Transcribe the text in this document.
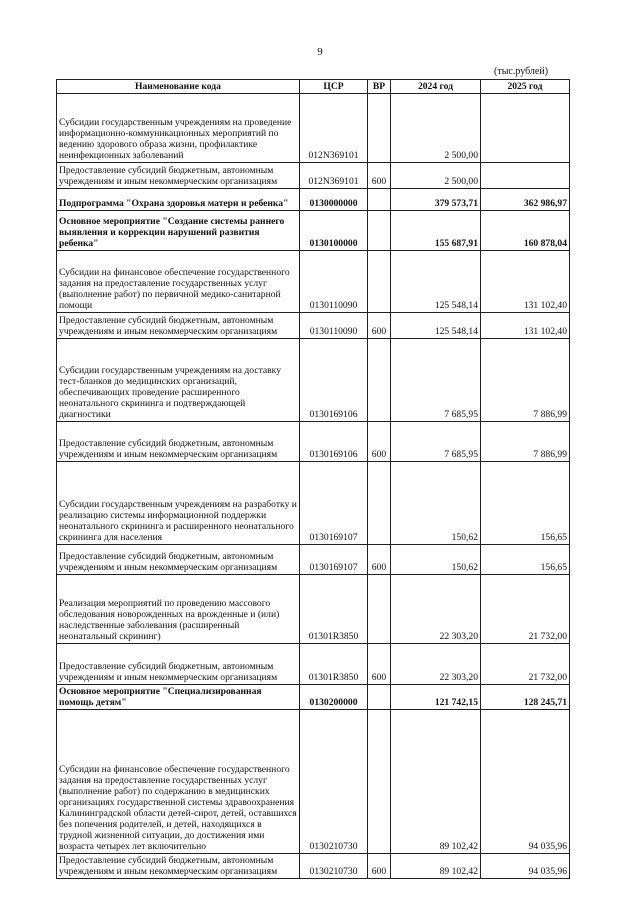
9
(тыс.рублей)
Наименование кода	ЦСР	ВР	2024 год	2025 год
Субсидии государственным учреждениям на проведение информационно-коммуникационных мероприятий по ведению здорового образа жизни, профилактике неинфекционных заболеваний	012N369101		2 500,00	
Предоставление субсидий бюджетным, автономным учреждениям и иным некоммерческим организациям	012N369101	600	2 500,00	
Подпрограмма "Охрана здоровья матери и ребенка"	0130000000		379 573,71	362 986,97
Основное мероприятие "Создание системы раннего выявления и коррекции нарушений развития ребенка"	0130100000		155 687,91	160 878,04
Субсидии на финансовое обеспечение государственного задания на предоставление государственных услуг (выполнение работ) по первичной медико-санитарной помощи	0130110090		125 548,14	131 102,40
Предоставление субсидий бюджетным, автономным учреждениям и иным некоммерческим организациям	0130110090	600	125 548,14	131 102,40
Субсидии государственным учреждениям на доставку тест-бланков до медицинских организаций, обеспечивающих проведение расширенного неонатального скрининга и подтверждающей диагностики	0130169106		7 685,95	7 886,99
Предоставление субсидий бюджетным, автономным учреждениям и иным некоммерческим организациям	0130169106	600	7 685,95	7 886,99
Субсидии государственным учреждениям на разработку и реализацию системы информационной поддержки неонатального скрининга и расширенного неонатального скрининга для населения	0130169107		150,62	156,65
Предоставление субсидий бюджетным, автономным учреждениям и иным некоммерческим организациям	0130169107	600	150,62	156,65
Реализация мероприятий по проведению массового обследования новорожденных на врожденные и (или) наследственные заболевания (расширенный неонатальный скрининг)	01301R3850		22 303,20	21 732,00
Предоставление субсидий бюджетным, автономным учреждениям и иным некоммерческим организациям	01301R3850	600	22 303,20	21 732,00
Основное мероприятие "Специализированная помощь детям"	0130200000		121 742,15	128 245,71
Субсидии на финансовое обеспечение государственного задания на предоставление государственных услуг (выполнение работ) по содержанию в медицинских организациях государственной системы здравоохранения Калининградской области детей-сирот, детей, оставшихся без попечения родителей, и детей, находящихся в трудной жизненной ситуации, до достижения ими возраста четырех лет включительно	0130210730		89 102,42	94 035,96
Предоставление субсидий бюджетным, автономным учреждениям и иным некоммерческим организациям	0130210730	600	89 102,42	94 035,96
